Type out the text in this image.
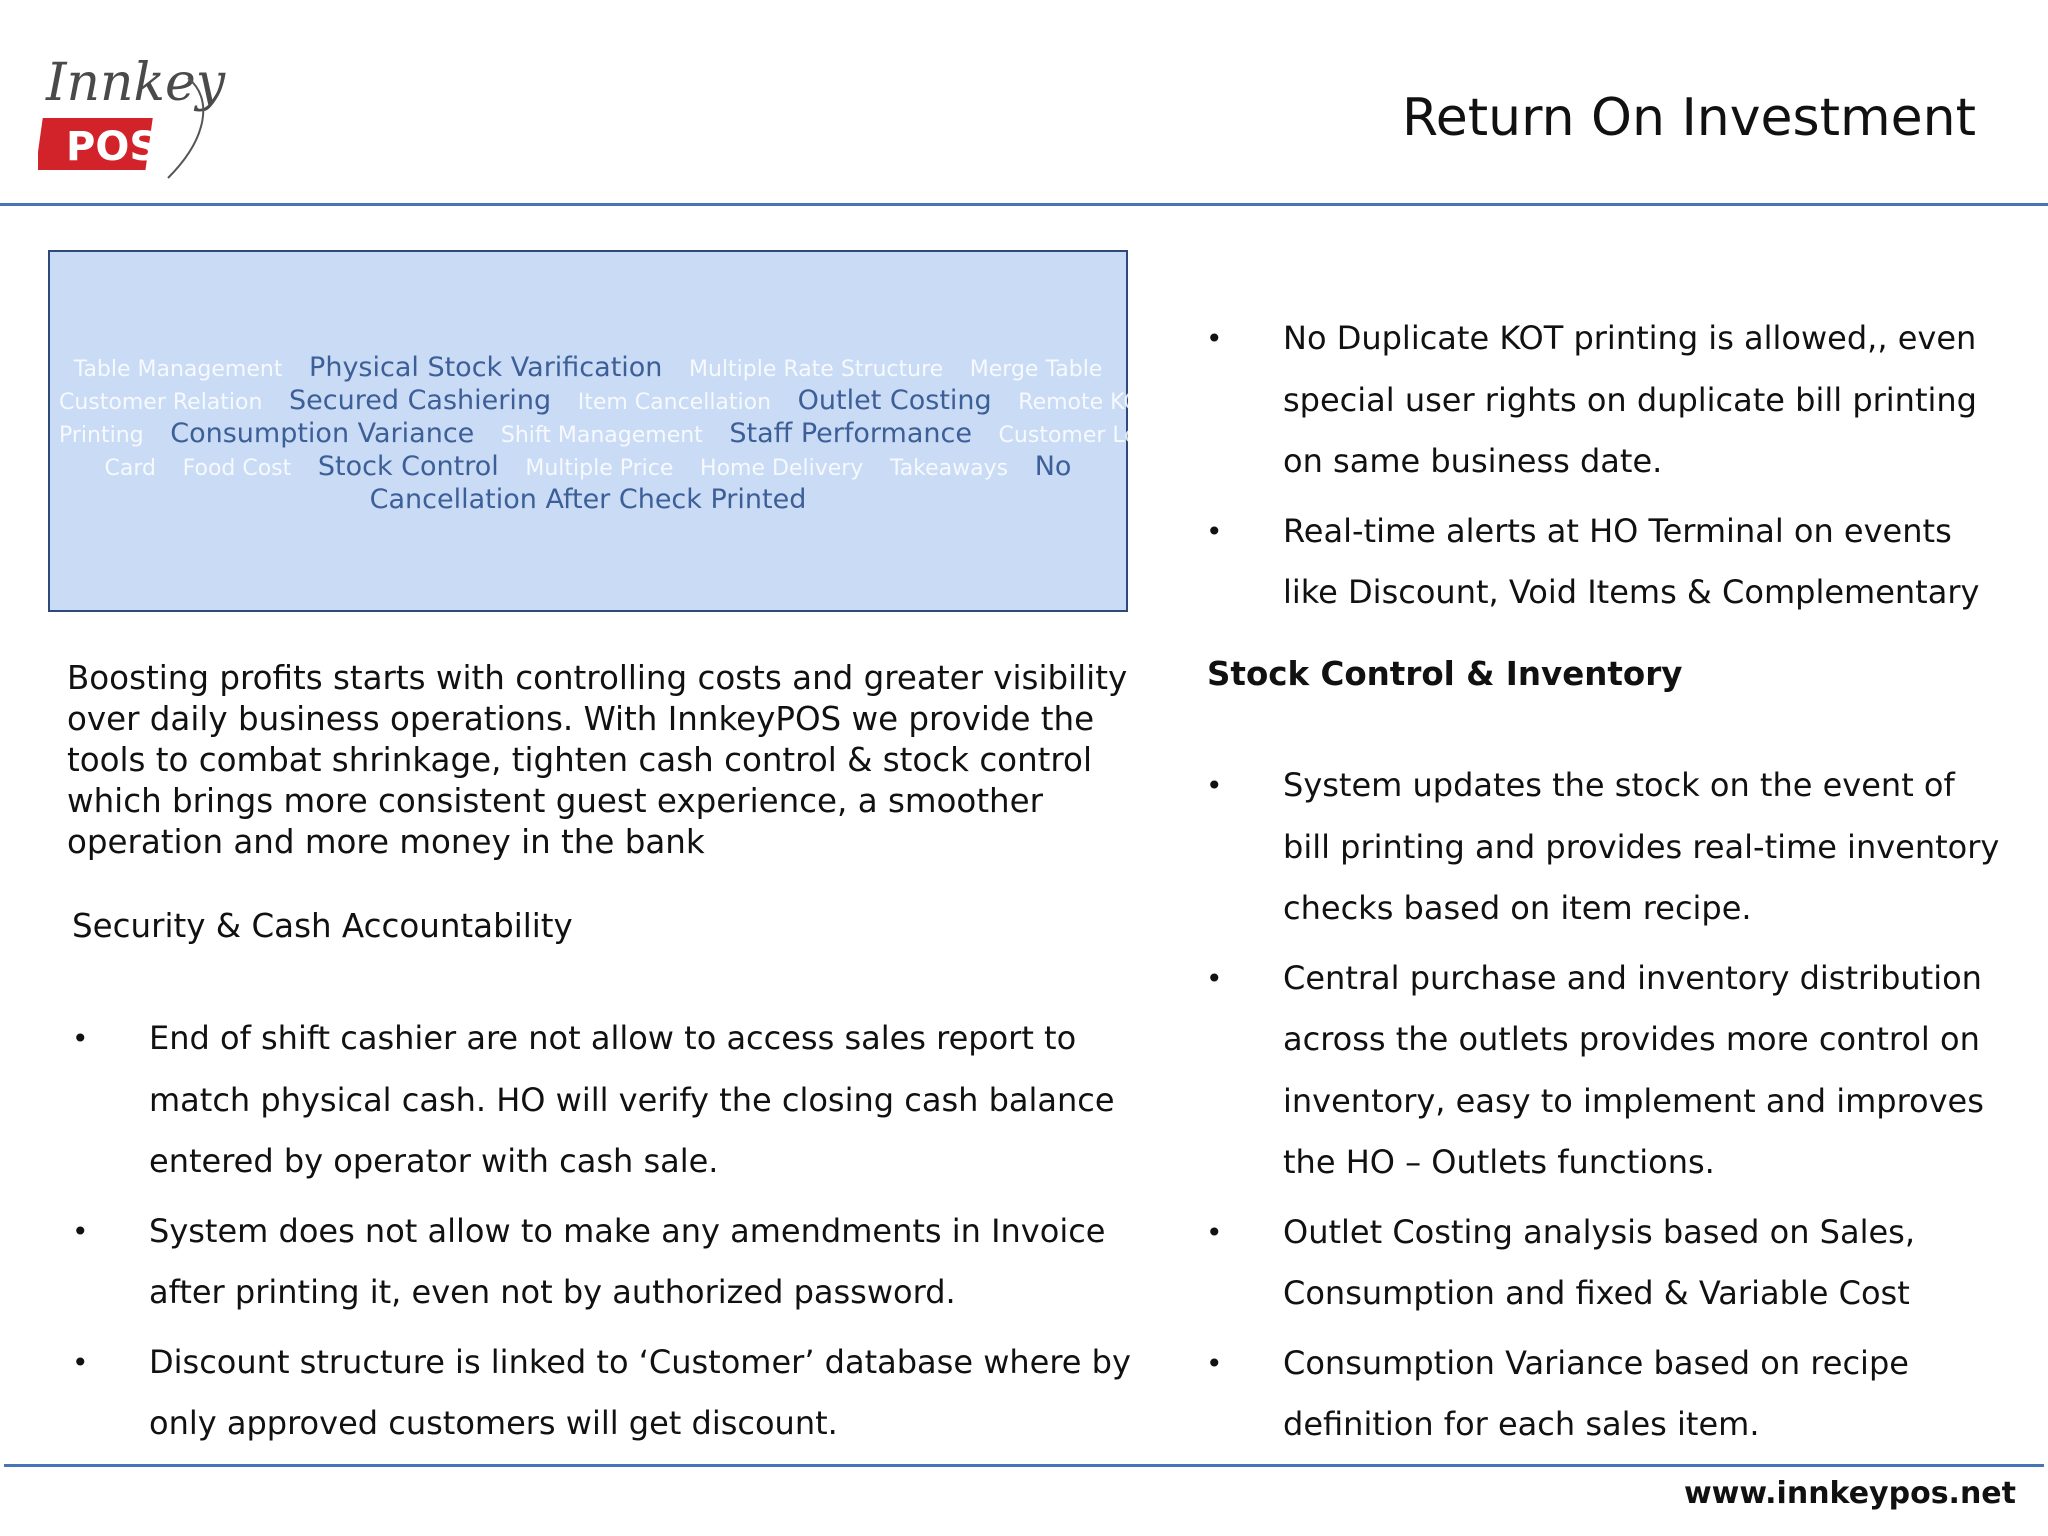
Innkey
POS	Return On Investment
Table Management Physical Stock Varification Multiple Rate Structure Merge Table
Customer Relation Secured Cashiering Item Cancellation Outlet Costing Remote KOT
Printing Consumption Variance Shift Management Staff Performance Customer Loyalty
Card Food Cost Stock Control Multiple Price Home Delivery Takeaways No
Cancellation After Check Printed

Boosting profits starts with controlling costs and greater visibility over daily business operations. With InnkeyPOS we provide the tools to combat shrinkage, tighten cash control & stock control which brings more consistent guest experience, a smoother operation and more money in the bank

Security & Cash Accountability
• End of shift cashier are not allow to access sales report to match physical cash. HO will verify the closing cash balance entered by operator with cash sale.
• System does not allow to make any amendments in Invoice after printing it, even not by authorized password.
• Discount structure is linked to ‘Customer’ database where by only approved customers will get discount.
• No Duplicate KOT printing is allowed,, even special user rights on duplicate bill printing on same business date.
• Real-time alerts at HO Terminal on events like Discount, Void Items & Complementary
Stock Control & Inventory
• System updates the stock on the event of bill printing and provides real-time inventory checks based on item recipe.
• Central purchase and inventory distribution across the outlets provides more control on inventory, easy to implement and improves the HO – Outlets functions.
• Outlet Costing analysis based on Sales, Consumption and fixed & Variable Cost
• Consumption Variance based on recipe definition for each sales item.
www.innkeypos.net
